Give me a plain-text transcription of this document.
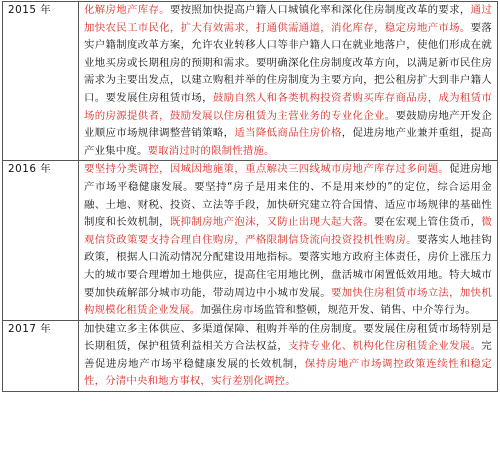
2015 年	化解房地产库存。要按照加快提高户籍人口城镇化率和深化住房制度改革的要求，通过加快农民工市民化，扩大有效需求，打通供需通道，消化库存，稳定房地产市场。要落实户籍制度改革方案，允许农业转移人口等非户籍人口在就业地落户，使他们形成在就业地买房或长期租房的预期和需求。要明确深化住房制度改革方向，以满足新市民住房需求为主要出发点，以建立购租并举的住房制度为主要方向，把公租房扩大到非户籍人口。要发展住房租赁市场，鼓励自然人和各类机构投资者购买库存商品房，成为租赁市场的房源提供者，鼓励发展以住房租赁为主营业务的专业化企业。要鼓励房地产开发企业顺应市场规律调整营销策略，适当降低商品住房价格，促进房地产业兼并重组，提高产业集中度。要取消过时的限制性措施。
2016 年	要坚持分类调控，因城因地施策，重点解决三四线城市房地产库存过多问题。促进房地产市场平稳健康发展。要坚持“房子是用来住的、不是用来炒的”的定位，综合运用金融、土地、财税、投资、立法等手段，加快研究建立符合国情、适应市场规律的基础性制度和长效机制，既抑制房地产泡沫，又防止出现大起大落。要在宏观上管住货币，微观信贷政策要支持合理自住购房，严格限制信贷流向投资投机性购房。要落实人地挂钩政策，根据人口流动情况分配建设用地指标。要落实地方政府主体责任，房价上涨压力大的城市要合理增加土地供应，提高住宅用地比例，盘活城市闲置低效用地。特大城市要加快疏解部分城市功能，带动周边中小城市发展。要加快住房租赁市场立法，加快机构规模化租赁企业发展。加强住房市场监管和整顿，规范开发、销售、中介等行为。
2017 年	加快建立多主体供应、多渠道保障、租购并举的住房制度。要发展住房租赁市场特别是长期租赁，保护租赁利益相关方合法权益，支持专业化、机构化住房租赁企业发展。完善促进房地产市场平稳健康发展的长效机制，保持房地产市场调控政策连续性和稳定性，分清中央和地方事权，实行差别化调控。
